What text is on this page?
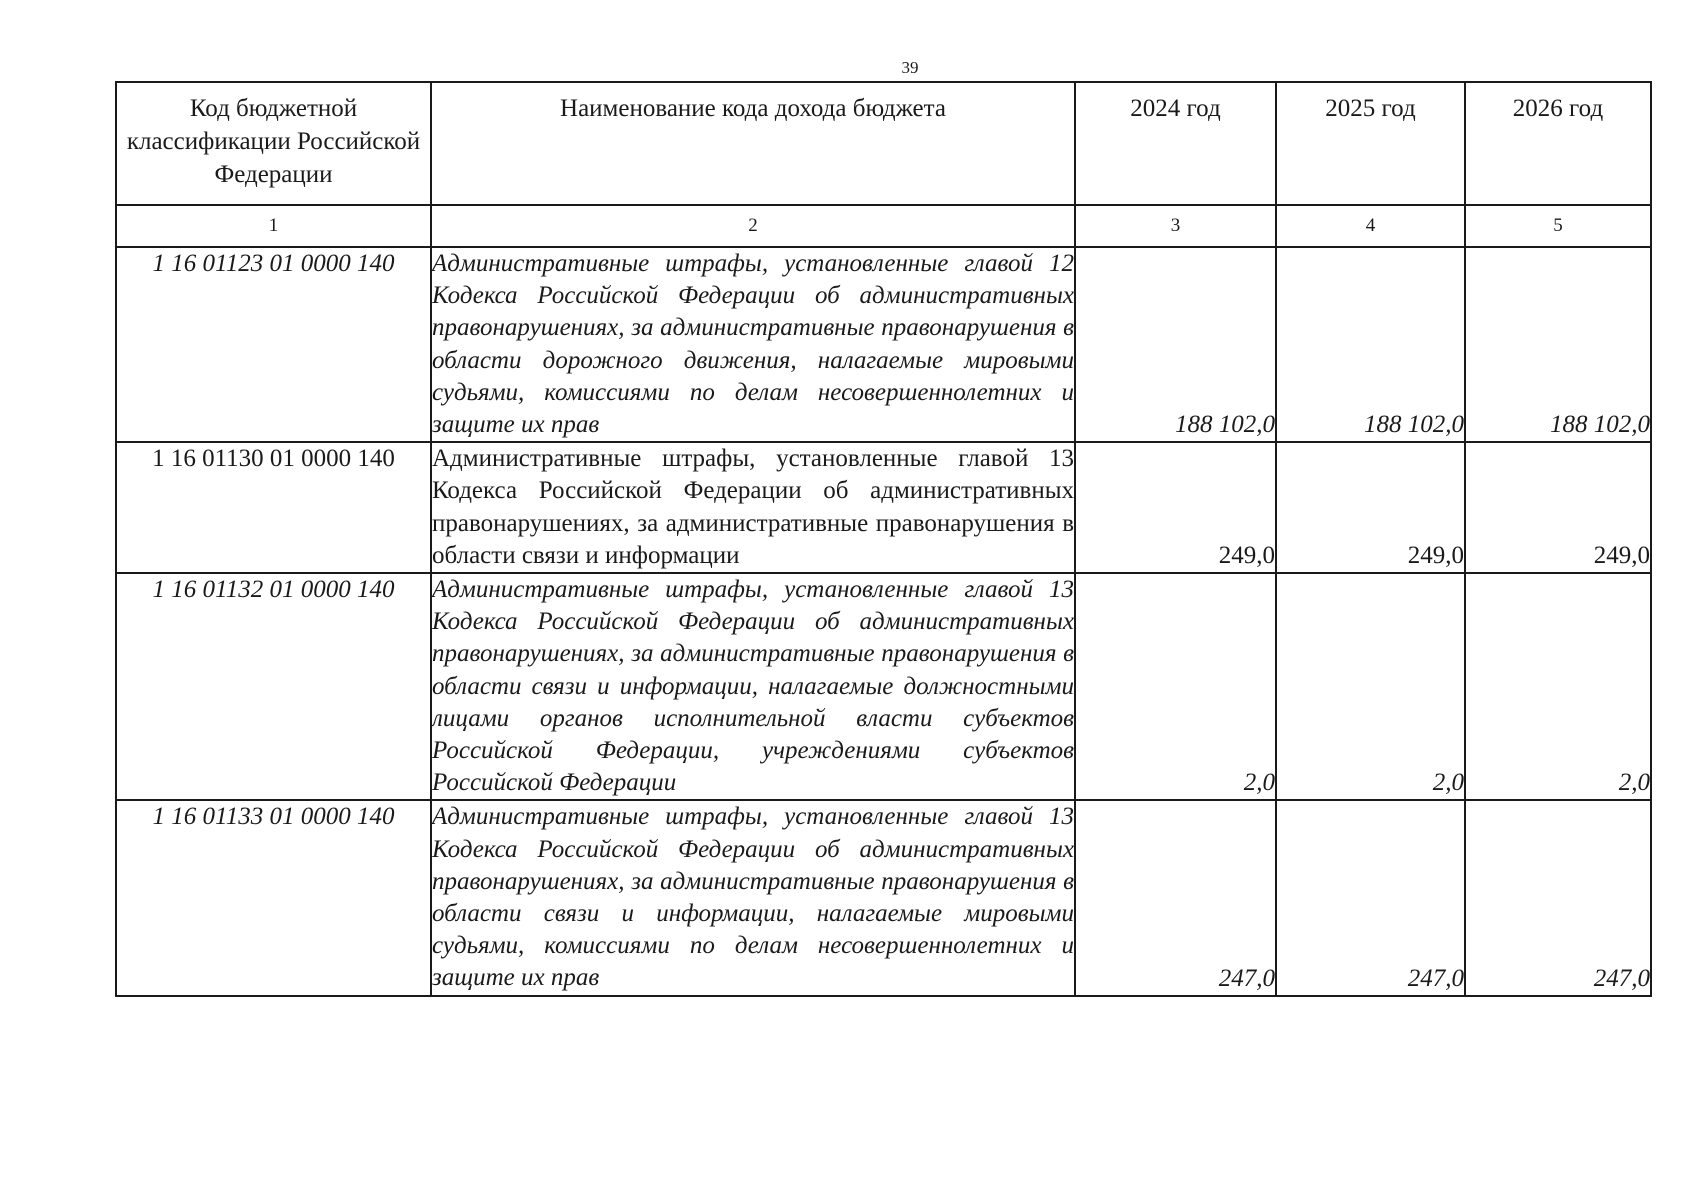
39
Код бюджетной классификации Российской Федерации	Наименование кода дохода бюджета	2024 год	2025 год	2026 год
1	2	3	4	5
1 16 01123 01 0000 140	Административные штрафы, установленные главой 12 Кодекса Российской Федерации об административных правонарушениях, за административные правонарушения в области дорожного движения, налагаемые мировыми судьями, комиссиями по делам несовершеннолетних и защите их прав	188 102,0	188 102,0	188 102,0
1 16 01130 01 0000 140	Административные штрафы, установленные главой 13 Кодекса Российской Федерации об административных правонарушениях, за административные правонарушения в области связи и информации	249,0	249,0	249,0
1 16 01132 01 0000 140	Административные штрафы, установленные главой 13 Кодекса Российской Федерации об административных правонарушениях, за административные правонарушения в области связи и информации, налагаемые должностными лицами органов исполнительной власти субъектов Российской Федерации, учреждениями субъектов Российской Федерации	2,0	2,0	2,0
1 16 01133 01 0000 140	Административные штрафы, установленные главой 13 Кодекса Российской Федерации об административных правонарушениях, за административные правонарушения в области связи и информации, налагаемые мировыми судьями, комиссиями по делам несовершеннолетних и защите их прав	247,0	247,0	247,0
